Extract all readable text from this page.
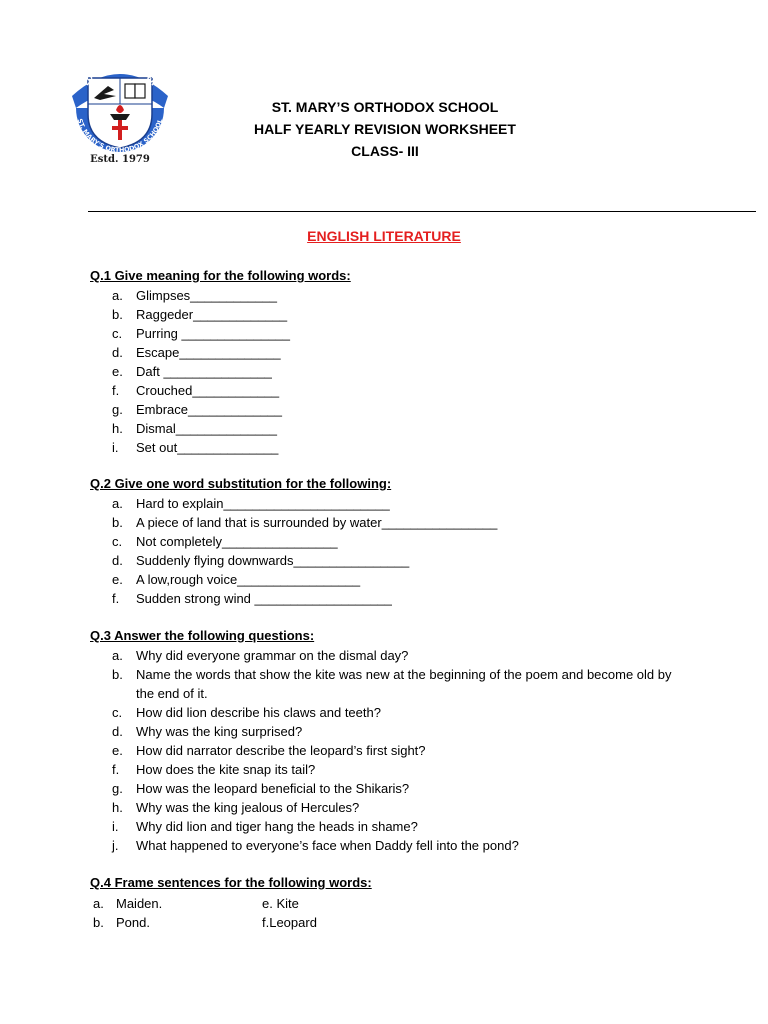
LOVE ONE ANOTHER
ST. MARY'S ORTHODOX SCHOOL
Estd. 1979
ST. MARY’S ORTHODOX SCHOOL
HALF YEARLY REVISION WORKSHEET
CLASS- III
ENGLISH LITERATURE
Q.1 Give meaning for the following words:
a. Glimpses____________
b. Raggeder_____________
c. Purring _______________
d. Escape______________
e. Daft _______________
f. Crouched____________
g. Embrace_____________
h. Dismal______________
i. Set out______________
Q.2 Give one word substitution for the following:
a. Hard to explain_______________________
b. A piece of land that is surrounded by water________________
c. Not completely________________
d. Suddenly flying downwards________________
e. A low,rough voice_________________
f. Sudden strong wind ___________________
Q.3 Answer the following questions:
a. Why did everyone grammar on the dismal day?
b. Name the words that show the kite was new at the beginning of the poem and become old by the end of it.
c. How did lion describe his claws and teeth?
d. Why was the king surprised?
e. How did narrator describe the leopard’s first sight?
f. How does the kite snap its tail?
g. How was the leopard beneficial to the Shikaris?
h. Why was the king jealous of Hercules?
i. Why did lion and tiger hang the heads in shame?
j. What happened to everyone’s face when Daddy fell into the pond?
Q.4 Frame sentences for the following words:
a. Maiden.	e. Kite
b. Pond.	f.Leopard
